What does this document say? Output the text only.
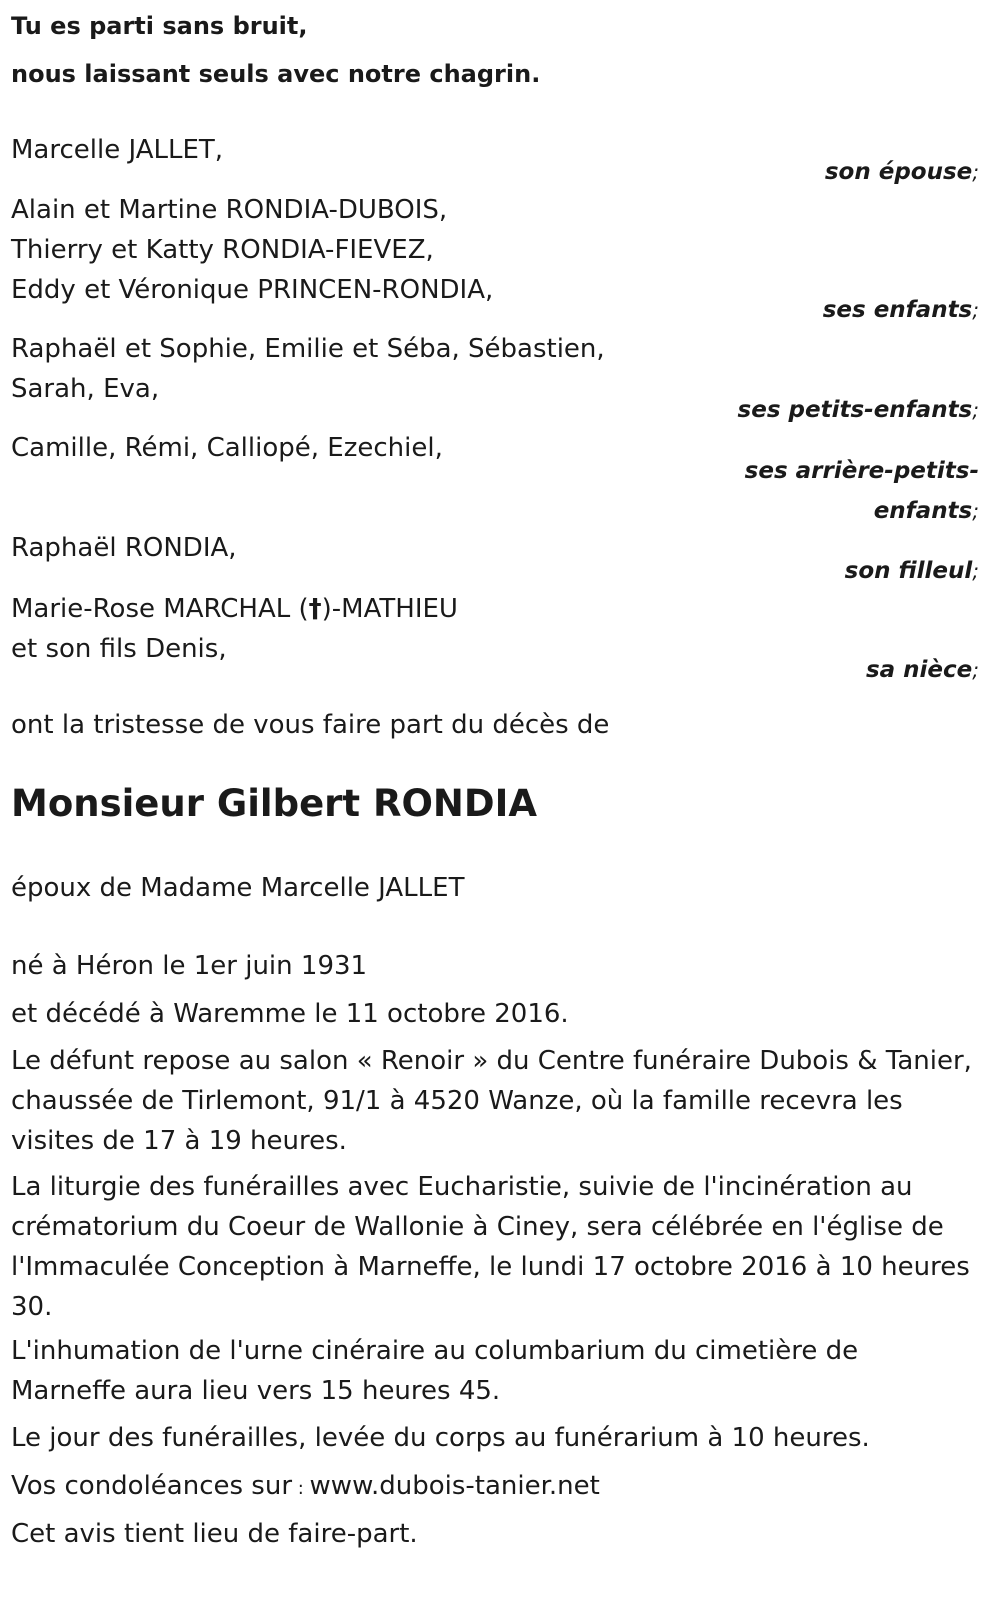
Tu es parti sans bruit,
nous laissant seuls avec notre chagrin.
Marcelle JALLET,
son épouse;
Alain et Martine RONDIA-DUBOIS,
Thierry et Katty RONDIA-FIEVEZ,
Eddy et Véronique PRINCEN-RONDIA,
ses enfants;
Raphaël et Sophie, Emilie et Séba, Sébastien,
Sarah, Eva,
ses petits-enfants;
Camille, Rémi, Calliopé, Ezechiel,
ses arrière-petits-
enfants;
Raphaël RONDIA,
son filleul;
Marie-Rose MARCHAL (†)-MATHIEU
et son fils Denis,
sa nièce;
ont la tristesse de vous faire part du décès de
Monsieur Gilbert RONDIA
époux de Madame Marcelle JALLET
né à Héron le 1er juin 1931
et décédé à Waremme le 11 octobre 2016.

Le défunt repose au salon « Renoir » du Centre funéraire Dubois & Tanier, chaussée de Tirlemont, 91/1 à 4520 Wanze, où la famille recevra les visites de 17 à 19 heures.

La liturgie des funérailles avec Eucharistie, suivie de l'incinération au crématorium du Coeur de Wallonie à Ciney, sera célébrée en l'église de l'Immaculée Conception à Marneffe, le lundi 17 octobre 2016 à 10 heures 30.

L'inhumation de l'urne cinéraire au columbarium du cimetière de Marneffe aura lieu vers 15 heures 45.

Le jour des funérailles, levée du corps au funérarium à 10 heures.
Vos condoléances sur : www.dubois-tanier.net
Cet avis tient lieu de faire-part.
